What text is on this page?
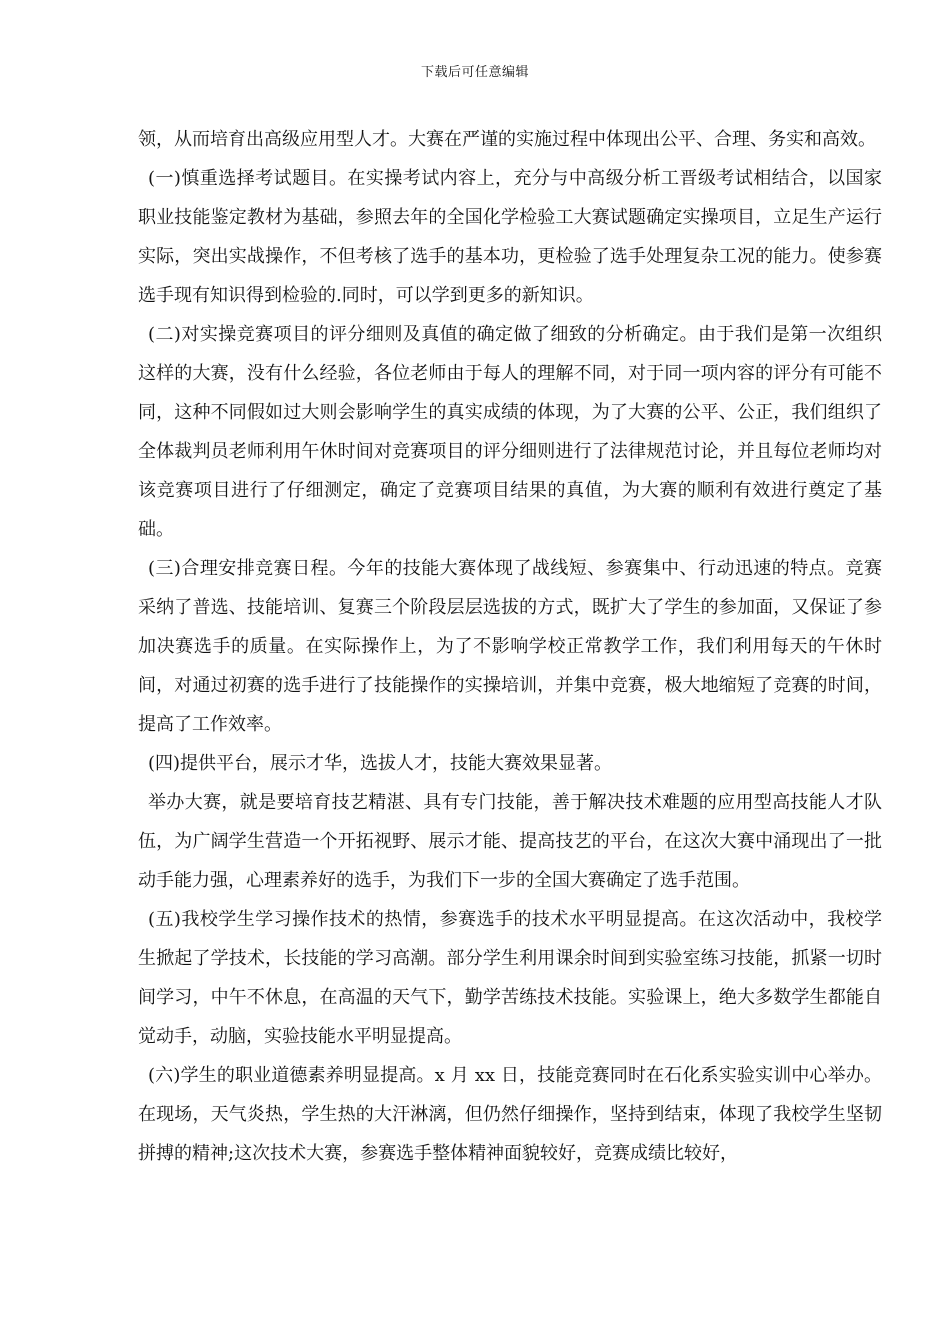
下载后可任意编辑

领，从而培育出高级应用型人才。大赛在严谨的实施过程中体现出公平、合理、务实和高效。

(一)慎重选择考试题目。在实操考试内容上，充分与中高级分析工晋级考试相结合，以国家职业技能鉴定教材为基础，参照去年的全国化学检验工大赛试题确定实操项目，立足生产运行实际，突出实战操作，不但考核了选手的基本功，更检验了选手处理复杂工况的能力。使参赛选手现有知识得到检验的.同时，可以学到更多的新知识。

(二)对实操竞赛项目的评分细则及真值的确定做了细致的分析确定。由于我们是第一次组织这样的大赛，没有什么经验，各位老师由于每人的理解不同，对于同一项内容的评分有可能不同，这种不同假如过大则会影响学生的真实成绩的体现，为了大赛的公平、公正，我们组织了全体裁判员老师利用午休时间对竞赛项目的评分细则进行了法律规范讨论，并且每位老师均对该竞赛项目进行了仔细测定，确定了竞赛项目结果的真值，为大赛的顺利有效进行奠定了基础。

(三)合理安排竞赛日程。今年的技能大赛体现了战线短、参赛集中、行动迅速的特点。竞赛采纳了普选、技能培训、复赛三个阶段层层选拔的方式，既扩大了学生的参加面，又保证了参加决赛选手的质量。在实际操作上，为了不影响学校正常教学工作，我们利用每天的午休时间，对通过初赛的选手进行了技能操作的实操培训，并集中竞赛，极大地缩短了竞赛的时间，提高了工作效率。

(四)提供平台，展示才华，选拔人才，技能大赛效果显著。

举办大赛，就是要培育技艺精湛、具有专门技能，善于解决技术难题的应用型高技能人才队伍，为广阔学生营造一个开拓视野、展示才能、提高技艺的平台，在这次大赛中涌现出了一批动手能力强，心理素养好的选手，为我们下一步的全国大赛确定了选手范围。

(五)我校学生学习操作技术的热情，参赛选手的技术水平明显提高。在这次活动中，我校学生掀起了学技术，长技能的学习高潮。部分学生利用课余时间到实验室练习技能，抓紧一切时间学习，中午不休息，在高温的天气下，勤学苦练技术技能。实验课上，绝大多数学生都能自觉动手，动脑，实验技能水平明显提高。

(六)学生的职业道德素养明显提高。x 月 xx 日，技能竞赛同时在石化系实验实训中心举办。在现场，天气炎热，学生热的大汗淋漓，但仍然仔细操作，坚持到结束，体现了我校学生坚韧拼搏的精神;这次技术大赛，参赛选手整体精神面貌较好，竞赛成绩比较好，
